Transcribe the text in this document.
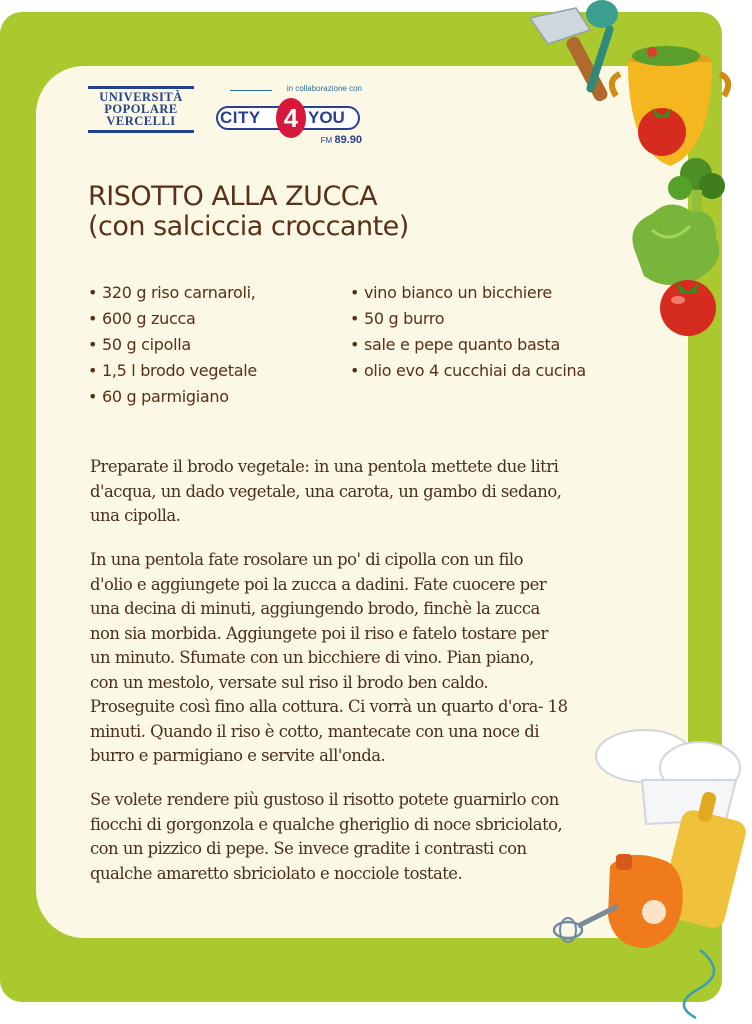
UNIVERSITÀ
POPOLARE
VERCELLI
in collaborazione con
CITY 4 YOU
FM 89.90
RISOTTO ALLA ZUCCA
(con salciccia croccante)
• 320 g riso carnaroli,
• 600 g zucca
• 50 g cipolla
• 1,5 l brodo vegetale
• 60 g parmigiano
• vino bianco un bicchiere
• 50 g burro
• sale e pepe quanto basta
• olio evo 4 cucchiai da cucina
Preparate il brodo vegetale: in una pentola mettete due litri
d'acqua, un dado vegetale, una carota, un gambo di sedano,
una cipolla.
In una pentola fate rosolare un po' di cipolla con un filo
d'olio e aggiungete poi la zucca a dadini. Fate cuocere per
una decina di minuti, aggiungendo brodo, finchè la zucca
non sia morbida. Aggiungete poi il riso e fatelo tostare per
un minuto. Sfumate con un bicchiere di vino. Pian piano,
con un mestolo, versate sul riso il brodo ben caldo.
Proseguite così fino alla cottura. Ci vorrà un quarto d'ora- 18
minuti. Quando il riso è cotto, mantecate con una noce di
burro e parmigiano e servite all'onda.
Se volete rendere più gustoso il risotto potete guarnirlo con
fiocchi di gorgonzola e qualche gheriglio di noce sbriciolato,
con un pizzico di pepe. Se invece gradite i contrasti con
qualche amaretto sbriciolato e nocciole tostate.
